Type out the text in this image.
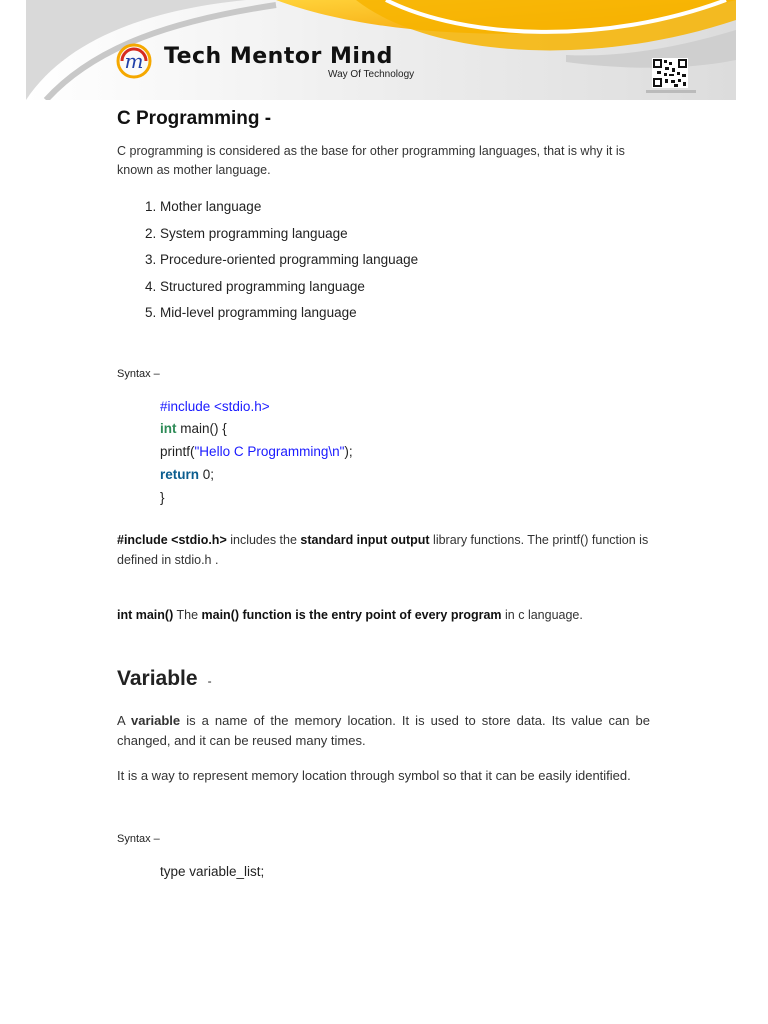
m Tech Mentor Mind
Way Of Technology
C Programming -

C programming is considered as the base for other programming languages, that is why it is known as mother language.

1. Mother language
2. System programming language
3. Procedure-oriented programming language
4. Structured programming language
5. Mid-level programming language

Syntax –

#include <stdio.h>
int main() {
printf("Hello C Programming\n");
return 0;
}

#include <stdio.h> includes the standard input output library functions. The printf() function is defined in stdio.h .

int main() The main() function is the entry point of every program in c language.

Variable -

A variable is a name of the memory location. It is used to store data. Its value can be changed, and it can be reused many times.

It is a way to represent memory location through symbol so that it can be easily identified.

Syntax –

type variable_list;
